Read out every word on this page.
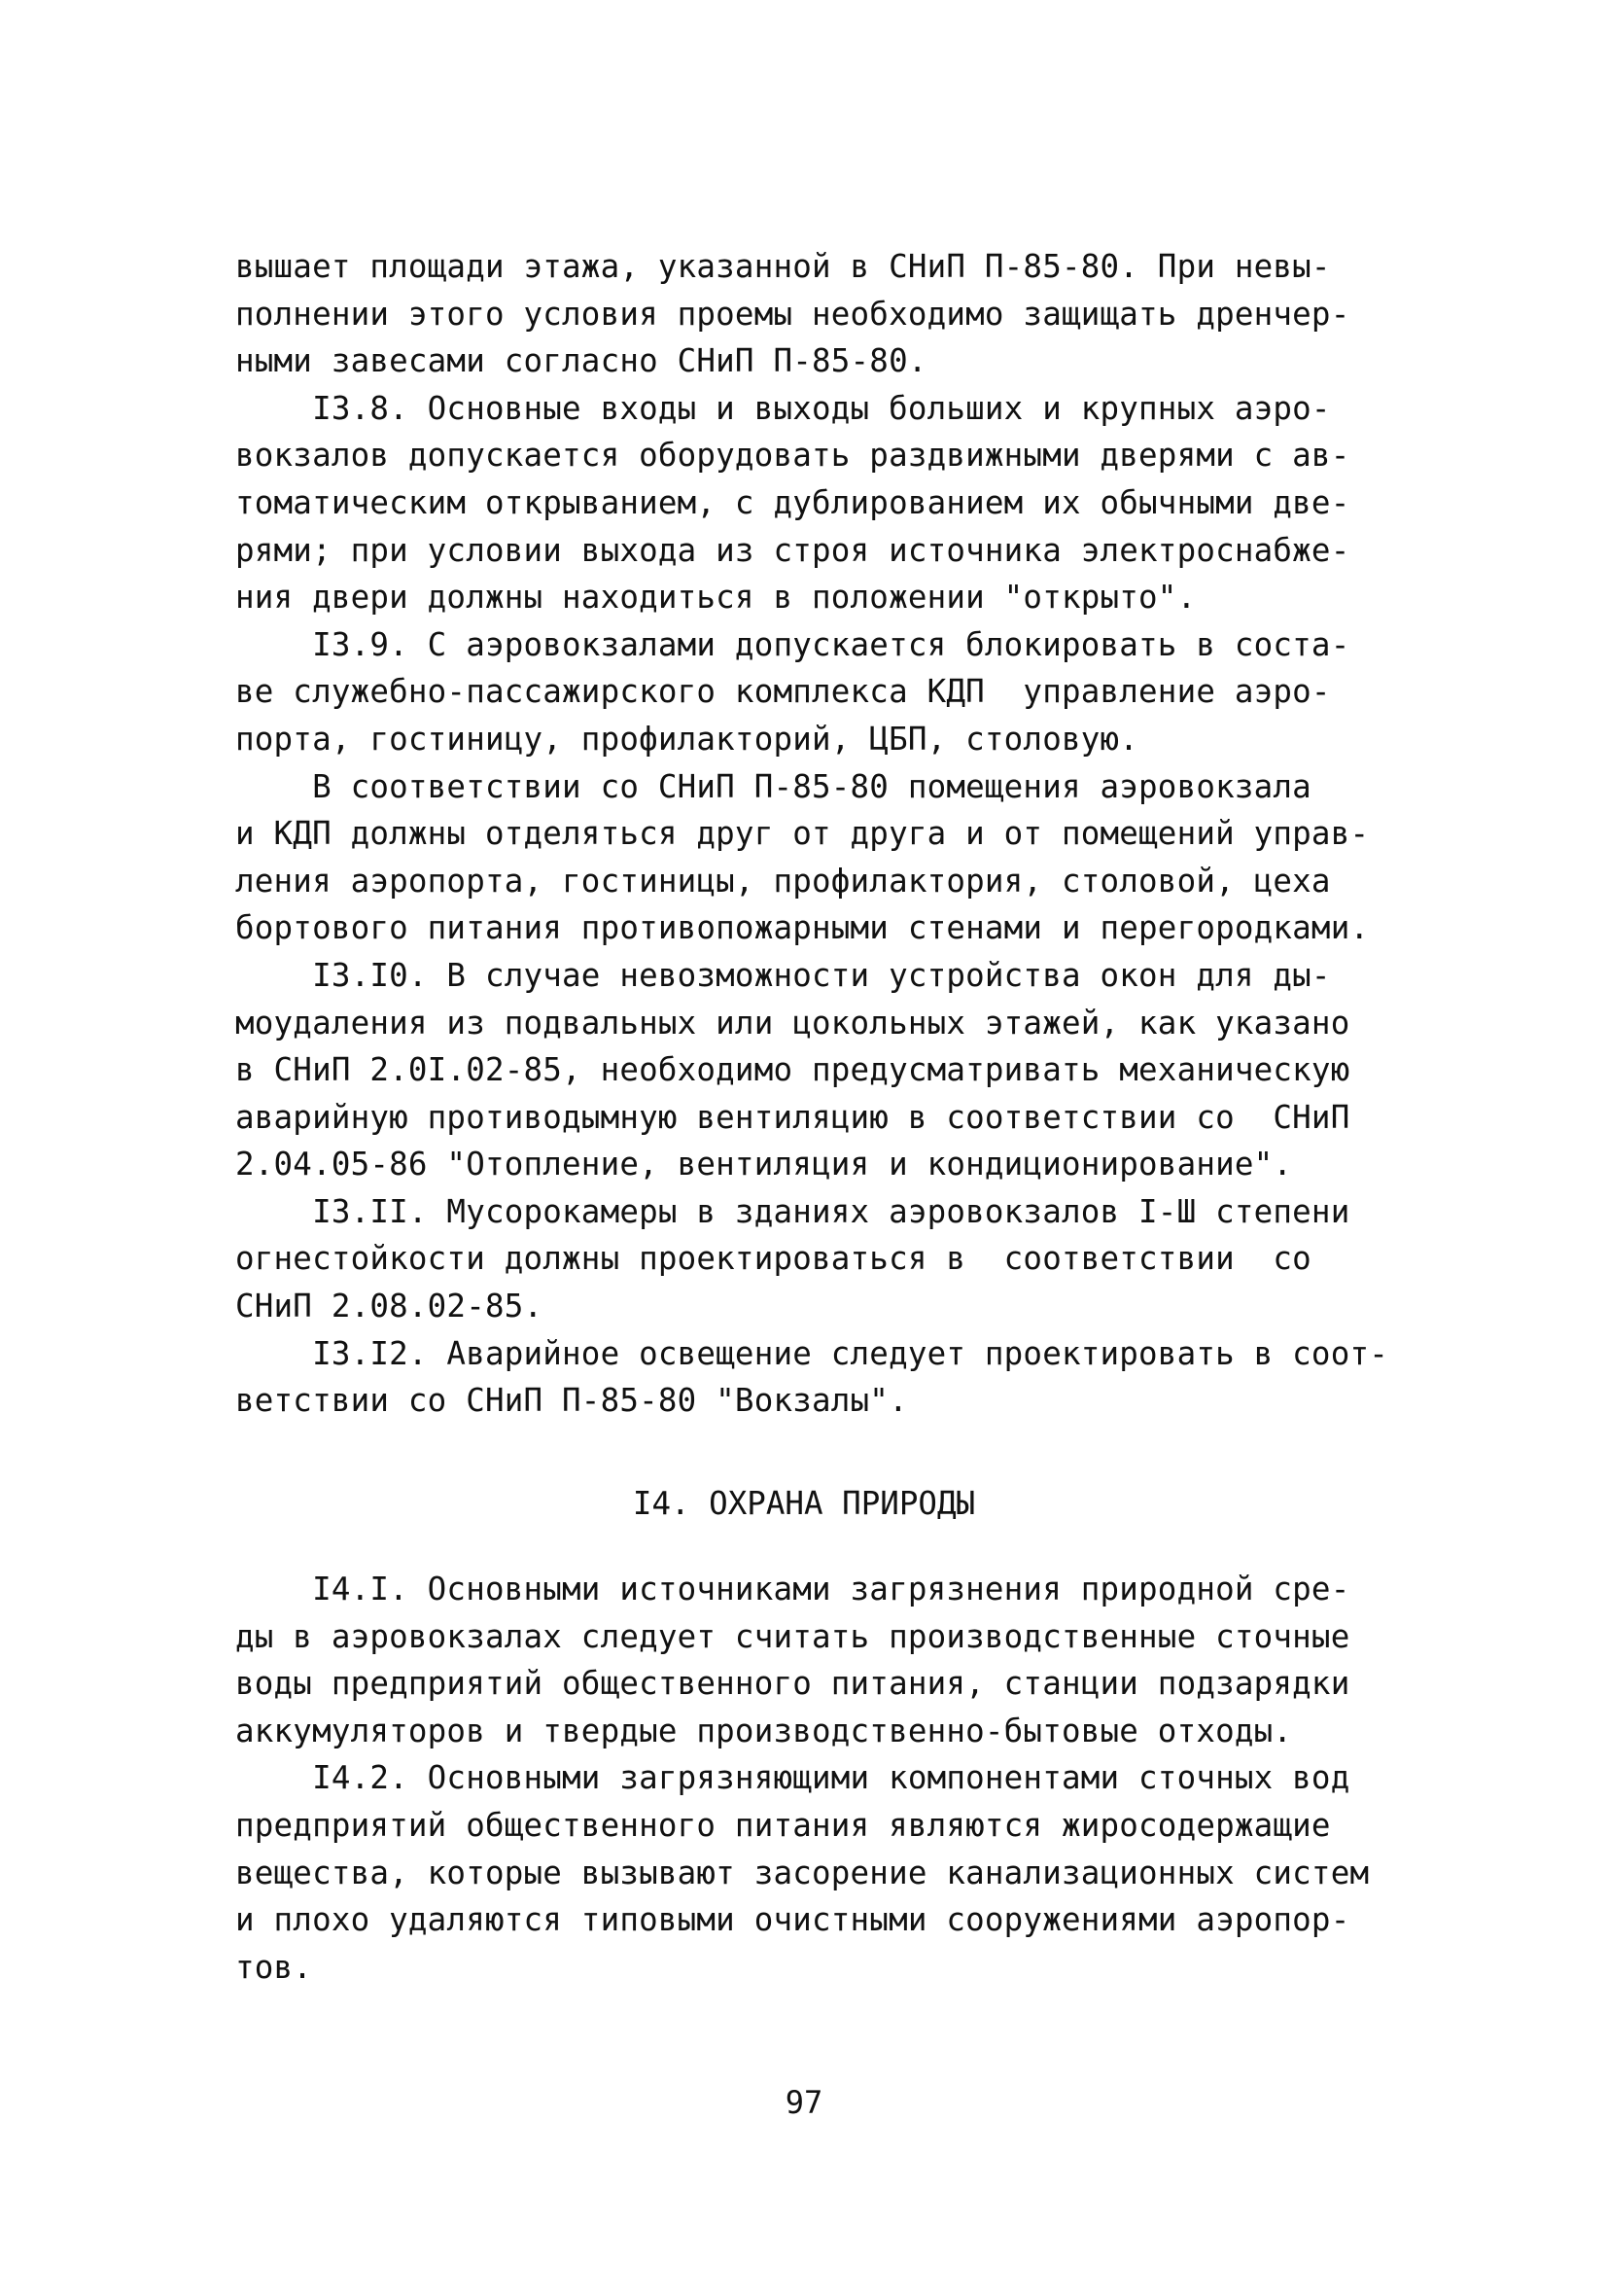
вышает площади этажа, указанной в СНиП П-85-80. При невы-
полнении этого условия проемы необходимо защищать дренчер-
ными завесами согласно СНиП П-85-80.
I3.8. Основные входы и выходы больших и крупных аэро-
вокзалов допускается оборудовать раздвижными дверями с ав-
томатическим открыванием, с дублированием их обычными две-
рями; при условии выхода из строя источника электроснабже-
ния двери должны находиться в положении "открыто".
I3.9. С аэровокзалами допускается блокировать в соста-
ве служебно-пассажирского комплекса КДП  управление аэро-
порта, гостиницу, профилакторий, ЦБП, столовую.
В соответствии со СНиП П-85-80 помещения аэровокзала
и КДП должны отделяться друг от друга и от помещений управ-
ления аэропорта, гостиницы, профилактория, столовой, цеха
бортового питания противопожарными стенами и перегородками.
I3.I0. В случае невозможности устройства окон для ды-
моудаления из подвальных или цокольных этажей, как указано
в СНиП 2.0I.02-85, необходимо предусматривать механическую
аварийную противодымную вентиляцию в соответствии со  СНиП
2.04.05-86 "Отопление, вентиляция и кондиционирование".
I3.II. Мусорокамеры в зданиях аэровокзалов I-Ш степени
огнестойкости должны проектироваться в  соответствии  со
СНиП 2.08.02-85.
I3.I2. Аварийное освещение следует проектировать в соот-
ветствии со СНиП П-85-80 "Вокзалы".
I4. ОХРАНА ПРИРОДЫ
I4.I. Основными источниками загрязнения природной сре-
ды в аэровокзалах следует считать производственные сточные
воды предприятий общественного питания, станции подзарядки
аккумуляторов и твердые производственно-бытовые отходы.
I4.2. Основными загрязняющими компонентами сточных вод
предприятий общественного питания являются жиросодержащие
вещества, которые вызывают засорение канализационных систем
и плохо удаляются типовыми очистными сооружениями аэропор-
тов.
97
